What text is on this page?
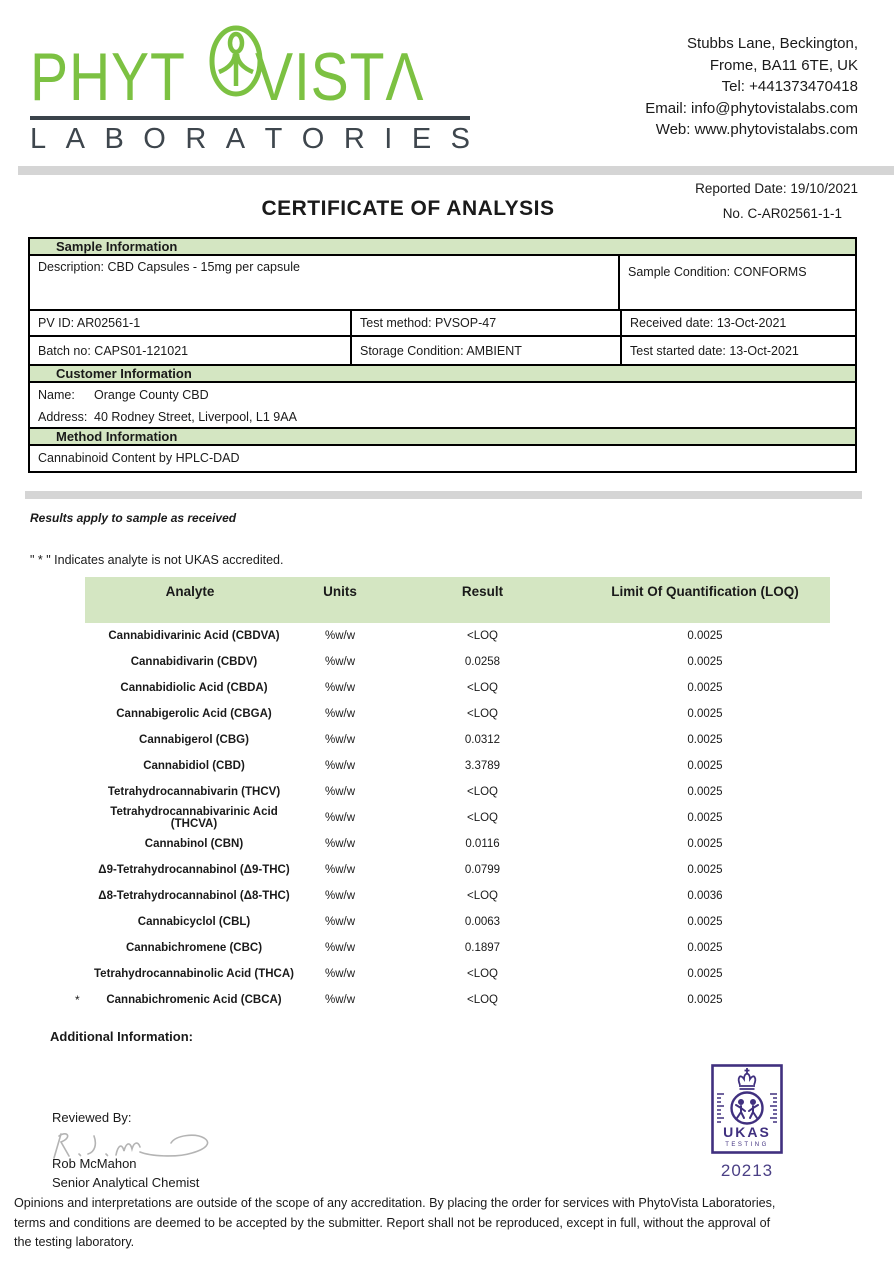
PHYT VISTΛ
L A B O R A T O R I E S
Stubbs Lane, Beckington,
Frome, BA11 6TE, UK
Tel: +441373470418
Email: info@phytovistalabs.com
Web: www.phytovistalabs.com
CERTIFICATE OF ANALYSIS
Reported Date: 19/10/2021
No. C-AR02561-1-1
Sample Information
Description: CBD Capsules - 15mg per capsule	Sample Condition: CONFORMS
PV ID: AR02561-1	Test method: PVSOP-47	Received date: 13-Oct-2021
Batch no: CAPS01-121021	Storage Condition: AMBIENT	Test started date: 13-Oct-2021
Customer Information
Name:	Orange County CBD
Address: 40 Rodney Street, Liverpool, L1 9AA
Method Information
Cannabinoid Content by HPLC-DAD
Results apply to sample as received
" * " Indicates analyte is not UKAS accredited.
Analyte	Units	Result	Limit Of Quantification (LOQ)
Cannabidivarinic Acid (CBDVA)	%w/w	<LOQ	0.0025
Cannabidivarin (CBDV)	%w/w	0.0258	0.0025
Cannabidiolic Acid (CBDA)	%w/w	<LOQ	0.0025
Cannabigerolic Acid (CBGA)	%w/w	<LOQ	0.0025
Cannabigerol (CBG)	%w/w	0.0312	0.0025
Cannabidiol (CBD)	%w/w	3.3789	0.0025
Tetrahydrocannabivarin (THCV)	%w/w	<LOQ	0.0025
Tetrahydrocannabivarinic Acid (THCVA)	%w/w	<LOQ	0.0025
Cannabinol (CBN)	%w/w	0.0116	0.0025
Δ9-Tetrahydrocannabinol (Δ9-THC)	%w/w	0.0799	0.0025
Δ8-Tetrahydrocannabinol (Δ8-THC)	%w/w	<LOQ	0.0036
Cannabicyclol (CBL)	%w/w	0.0063	0.0025
Cannabichromene (CBC)	%w/w	0.1897	0.0025
Tetrahydrocannabinolic Acid (THCA)	%w/w	<LOQ	0.0025

* Cannabichromenic Acid (CBCA)	%w/w	<LOQ	0.0025
Additional Information:
Reviewed By:
Rob McMahon
Senior Analytical Chemist
UKAS
TESTING
20213
Opinions and interpretations are outside of the scope of any accreditation. By placing the order for services with PhytoVista Laboratories, terms and conditions are deemed to be accepted by the submitter. Report shall not be reproduced, except in full, without the approval of the testing laboratory.
